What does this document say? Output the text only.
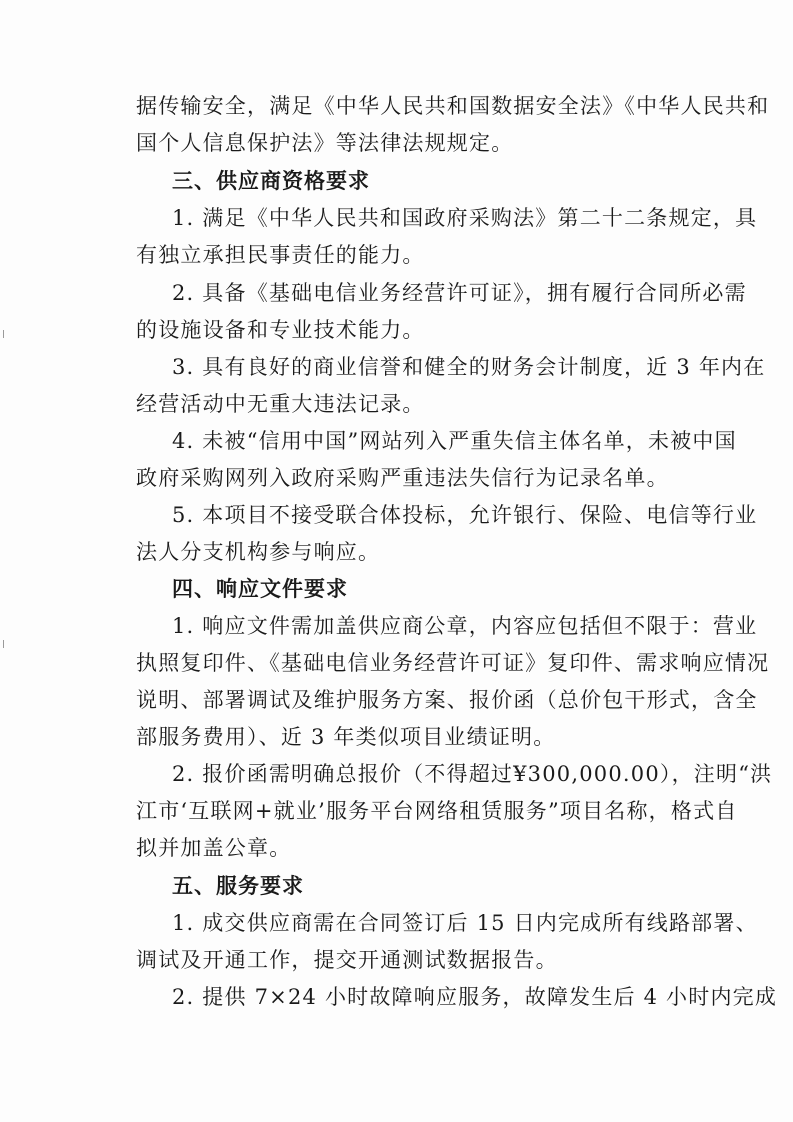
据传输安全，满足《中华人民共和国数据安全法》《中华人民共和
国个人信息保护法》等法律法规规定。
三、供应商资格要求
1. 满足《中华人民共和国政府采购法》第二十二条规定，具
有独立承担民事责任的能力。
2. 具备《基础电信业务经营许可证》，拥有履行合同所必需
的设施设备和专业技术能力。
3. 具有良好的商业信誉和健全的财务会计制度，近 3 年内在
经营活动中无重大违法记录。
4. 未被“信用中国”网站列入严重失信主体名单，未被中国
政府采购网列入政府采购严重违法失信行为记录名单。
5. 本项目不接受联合体投标，允许银行、保险、电信等行业
法人分支机构参与响应。
四、响应文件要求
1. 响应文件需加盖供应商公章，内容应包括但不限于：营业
执照复印件、《基础电信业务经营许可证》复印件、需求响应情况
说明、部署调试及维护服务方案、报价函（总价包干形式，含全
部服务费用）、近 3 年类似项目业绩证明。
2. 报价函需明确总报价（不得超过¥300,000.00），注明“洪
江市‘互联网+就业’服务平台网络租赁服务”项目名称，格式自
拟并加盖公章。
五、服务要求
1. 成交供应商需在合同签订后 15 日内完成所有线路部署、
调试及开通工作，提交开通测试数据报告。
2. 提供 7×24 小时故障响应服务，故障发生后 4 小时内完成
